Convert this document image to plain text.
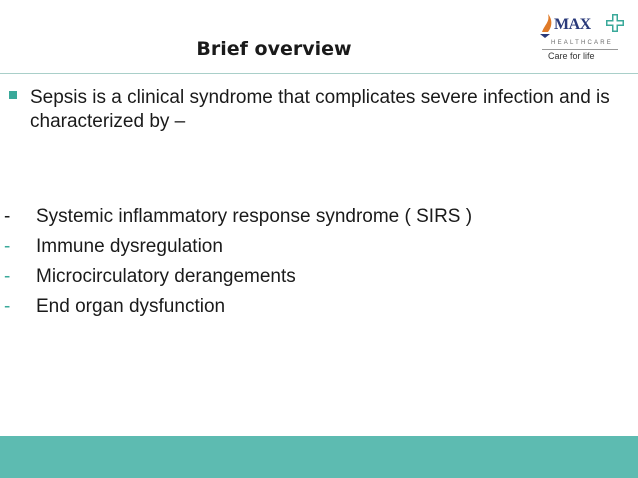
Brief overview
MAX
HEALTHCARE
Care for life
Sepsis is a clinical syndrome that complicates severe infection and is characterized by –
- Systemic inflammatory response syndrome ( SIRS )
- Immune dysregulation
- Microcirculatory derangements
- End organ dysfunction
